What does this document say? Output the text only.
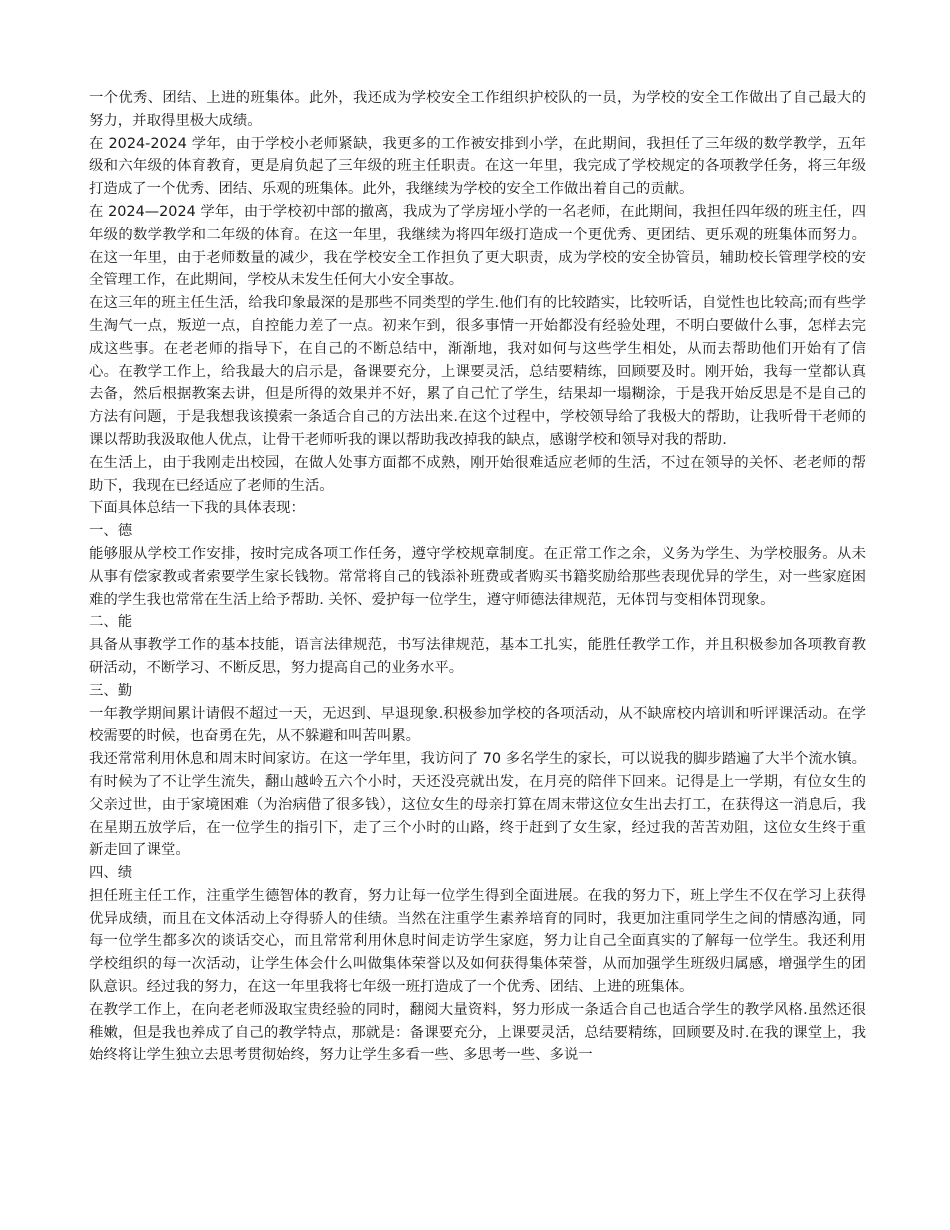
一个优秀、团结、上进的班集体。此外，我还成为学校安全工作组织护校队的一员，为学校的安全工作做出了自己最大的努力，并取得里极大成绩。

在 2024-2024 学年，由于学校小老师紧缺，我更多的工作被安排到小学，在此期间，我担任了三年级的数学教学，五年级和六年级的体育教育，更是肩负起了三年级的班主任职责。在这一年里，我完成了学校规定的各项教学任务，将三年级打造成了一个优秀、团结、乐观的班集体。此外，我继续为学校的安全工作做出着自己的贡献。

在 2024—2024 学年，由于学校初中部的撤离，我成为了学房垭小学的一名老师，在此期间，我担任四年级的班主任，四年级的数学教学和二年级的体育。在这一年里，我继续为将四年级打造成一个更优秀、更团结、更乐观的班集体而努力。在这一年里，由于老师数量的减少，我在学校安全工作担负了更大职责，成为学校的安全协管员，辅助校长管理学校的安全管理工作，在此期间，学校从未发生任何大小安全事故。

在这三年的班主任生活，给我印象最深的是那些不同类型的学生.他们有的比较踏实，比较听话，自觉性也比较高;而有些学生淘气一点，叛逆一点，自控能力差了一点。初来乍到，很多事情一开始都没有经验处理，不明白要做什么事，怎样去完成这些事。在老老师的指导下，在自己的不断总结中，渐渐地，我对如何与这些学生相处，从而去帮助他们开始有了信心。在教学工作上，给我最大的启示是，备课要充分，上课要灵活，总结要精练，回顾要及时。刚开始，我每一堂都认真去备，然后根据教案去讲，但是所得的效果并不好，累了自己忙了学生，结果却一塌糊涂，于是我开始反思是不是自己的方法有问题，于是我想我该摸索一条适合自己的方法出来.在这个过程中，学校领导给了我极大的帮助，让我听骨干老师的课以帮助我汲取他人优点，让骨干老师听我的课以帮助我改掉我的缺点，感谢学校和领导对我的帮助.

在生活上，由于我刚走出校园，在做人处事方面都不成熟，刚开始很难适应老师的生活，不过在领导的关怀、老老师的帮助下，我现在已经适应了老师的生活。

下面具体总结一下我的具体表现：

一、德

能够服从学校工作安排，按时完成各项工作任务，遵守学校规章制度。在正常工作之余，义务为学生、为学校服务。从未从事有偿家教或者索要学生家长钱物。常常将自己的钱添补班费或者购买书籍奖励给那些表现优异的学生，对一些家庭困难的学生我也常常在生活上给予帮助. 关怀、爱护每一位学生，遵守师德法律规范，无体罚与变相体罚现象。

二、能

具备从事教学工作的基本技能，语言法律规范，书写法律规范，基本工扎实，能胜任教学工作，并且积极参加各项教育教研活动，不断学习、不断反思，努力提高自己的业务水平。

三、勤

一年教学期间累计请假不超过一天，无迟到、早退现象.积极参加学校的各项活动，从不缺席校内培训和听评课活动。在学校需要的时候，也奋勇在先，从不躲避和叫苦叫累。

我还常常利用休息和周末时间家访。在这一学年里，我访问了 70 多名学生的家长，可以说我的脚步踏遍了大半个流水镇。有时候为了不让学生流失，翻山越岭五六个小时，天还没亮就出发，在月亮的陪伴下回来。记得是上一学期，有位女生的父亲过世，由于家境困难（为治病借了很多钱），这位女生的母亲打算在周末带这位女生出去打工，在获得这一消息后，我在星期五放学后，在一位学生的指引下，走了三个小时的山路，终于赶到了女生家，经过我的苦苦劝阻，这位女生终于重新走回了课堂。

四、绩

担任班主任工作，注重学生德智体的教育，努力让每一位学生得到全面进展。在我的努力下，班上学生不仅在学习上获得优异成绩，而且在文体活动上夺得骄人的佳绩。当然在注重学生素养培育的同时，我更加注重同学生之间的情感沟通，同每一位学生都多次的谈话交心，而且常常利用休息时间走访学生家庭，努力让自己全面真实的了解每一位学生。我还利用学校组织的每一次活动，让学生体会什么叫做集体荣誉以及如何获得集体荣誉，从而加强学生班级归属感，增强学生的团队意识。经过我的努力，在这一年里我将七年级一班打造成了一个优秀、团结、上进的班集体。

在教学工作上，在向老老师汲取宝贵经验的同时，翻阅大量资料，努力形成一条适合自己也适合学生的教学风格.虽然还很稚嫩，但是我也养成了自己的教学特点，那就是：备课要充分，上课要灵活，总结要精练，回顾要及时.在我的课堂上，我始终将让学生独立去思考贯彻始终，努力让学生多看一些、多思考一些、多说一
